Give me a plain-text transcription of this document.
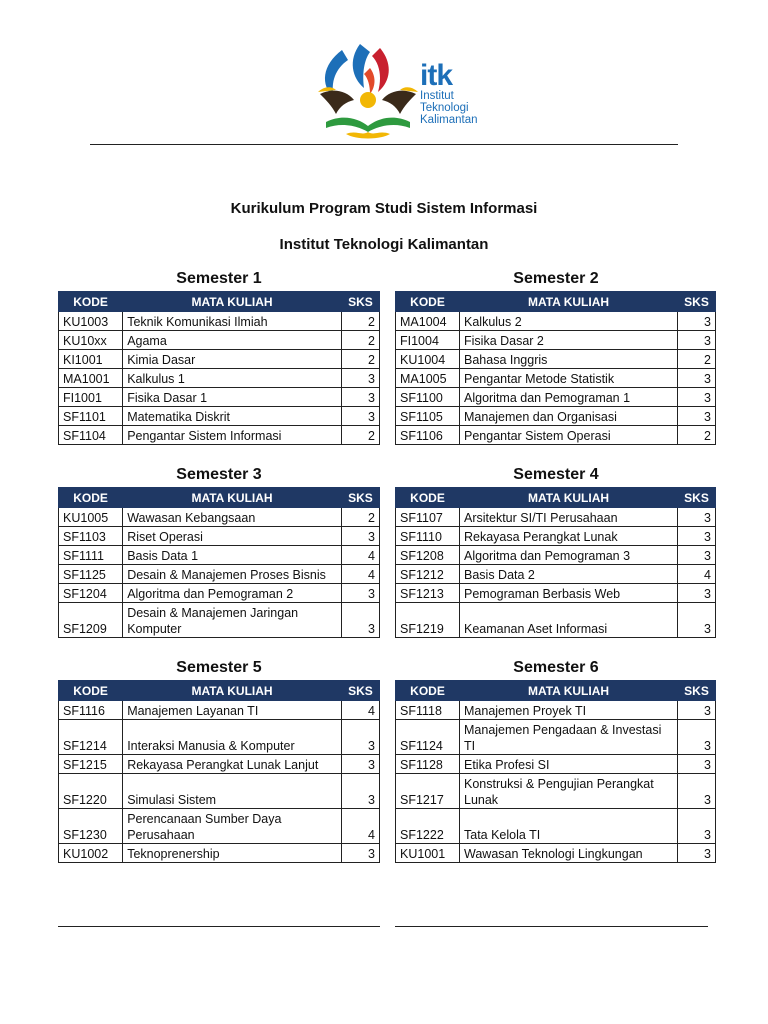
itk
Institut
Teknologi
Kalimantan
Kurikulum Program Studi Sistem Informasi
Institut Teknologi Kalimantan
Semester 1
KODE	MATA KULIAH	SKS
KU1003	Teknik Komunikasi Ilmiah	2
KU10xx	Agama	2
KI1001	Kimia Dasar	2
MA1001	Kalkulus 1	3
FI1001	Fisika Dasar 1	3
SF1101	Matematika Diskrit	3
SF1104	Pengantar Sistem Informasi	2
Semester 2
KODE	MATA KULIAH	SKS
MA1004	Kalkulus 2	3
FI1004	Fisika Dasar 2	3
KU1004	Bahasa Inggris	2
MA1005	Pengantar Metode Statistik	3
SF1100	Algoritma dan Pemograman 1	3
SF1105	Manajemen dan Organisasi	3
SF1106	Pengantar Sistem Operasi	2
Semester 3
KODE	MATA KULIAH	SKS
KU1005	Wawasan Kebangsaan	2
SF1103	Riset Operasi	3
SF1111	Basis Data 1	4
SF1125	Desain & Manajemen Proses Bisnis	4
SF1204	Algoritma dan Pemograman 2	3
SF1209	Desain & Manajemen Jaringan Komputer	3
Semester 4
KODE	MATA KULIAH	SKS
SF1107	Arsitektur SI/TI Perusahaan	3
SF1110	Rekayasa Perangkat Lunak	3
SF1208	Algoritma dan Pemograman 3	3
SF1212	Basis Data 2	4
SF1213	Pemograman Berbasis Web	3
SF1219	Keamanan Aset Informasi	3
Semester 5
KODE	MATA KULIAH	SKS
SF1116	Manajemen Layanan TI	4
SF1214	Interaksi Manusia & Komputer	3
SF1215	Rekayasa Perangkat Lunak Lanjut	3
SF1220	Simulasi Sistem	3
SF1230	Perencanaan Sumber Daya Perusahaan	4
KU1002	Teknoprenership	3
Semester 6
KODE	MATA KULIAH	SKS
SF1118	Manajemen Proyek TI	3
SF1124	Manajemen Pengadaan & Investasi TI	3
SF1128	Etika Profesi SI	3
SF1217	Konstruksi & Pengujian Perangkat Lunak	3
SF1222	Tata Kelola TI	3
KU1001	Wawasan Teknologi Lingkungan	3
